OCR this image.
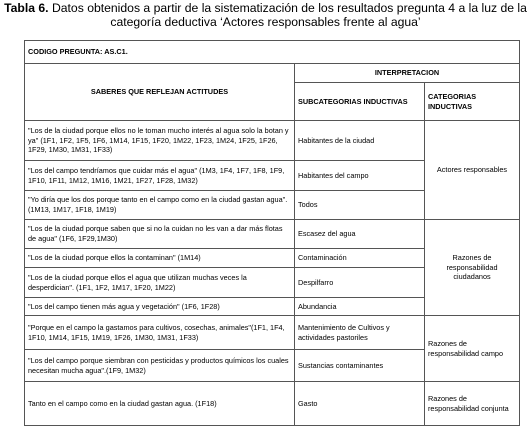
Tabla 6. Datos obtenidos a partir de la sistematización de los resultados pregunta 4 a la luz de la categoría deductiva ‘Actores responsables frente al agua’
CODIGO PREGUNTA: AS.C1.		
SABERES QUE REFLEJAN ACTITUDES	INTERPRETACION	
	SUBCATEGORIAS INDUCTIVAS	CATEGORIAS INDUCTIVAS
"Los de la ciudad porque ellos no le toman mucho interés al agua solo la botan y ya" (1F1, 1F2, 1F5, 1F6, 1M14, 1F15, 1F20, 1M22, 1F23, 1M24, 1F25, 1F26, 1F29, 1M30, 1M31, 1F33)	Habitantes de la ciudad	Actores responsables
"Los del campo tendríamos que cuidar más el agua" (1M3, 1F4, 1F7, 1F8, 1F9, 1F10, 1F11, 1M12, 1M16, 1M21, 1F27, 1F28, 1M32)	Habitantes del campo	
"Yo diría que los dos porque tanto en el campo como en la ciudad gastan agua". (1M13, 1M17, 1F18, 1M19)	Todos	
"Los de la ciudad porque saben que si no la cuidan no les van a dar más flotas de agua" (1F6, 1F29,1M30)	Escasez del agua	Razones de responsabilidad ciudadanos
"Los de la ciudad porque ellos la contaminan" (1M14)	Contaminación	
"Los de la ciudad porque ellos el agua que utilizan muchas veces la desperdician". (1F1, 1F2, 1M17, 1F20, 1M22)	Despilfarro	
"Los del campo tienen más agua y vegetación" (1F6, 1F28)	Abundancia	
"Porque en el campo la gastamos para cultivos, cosechas, animales"(1F1, 1F4, 1F10, 1M14, 1F15, 1M19, 1F26, 1M30, 1M31, 1F33)	Mantenimiento de Cultivos y actividades pastoriles	Razones de responsabilidad campo
"Los del campo porque siembran con pesticidas y productos químicos los cuales necesitan mucha agua".(1F9, 1M32)	Sustancias contaminantes	
Tanto en el campo como en la ciudad gastan agua. (1F18)	Gasto	Razones de responsabilidad conjunta
